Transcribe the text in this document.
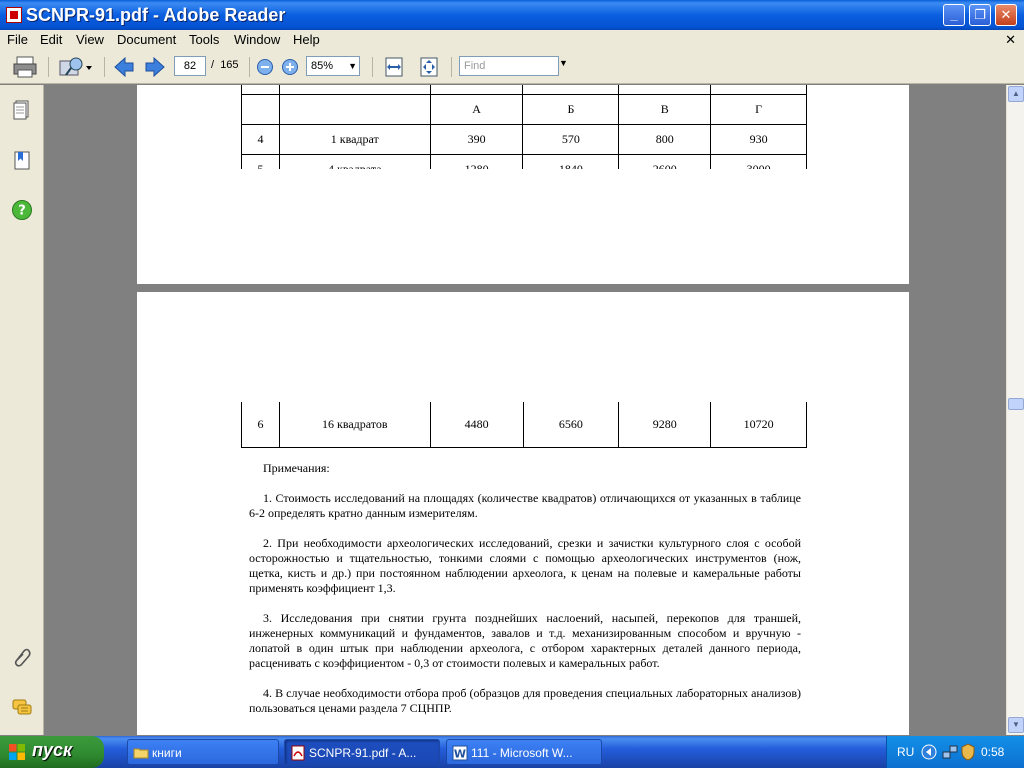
SCNPR-91.pdf - Adobe Reader	_	❐	✕
File Edit View Document Tools Window Help	✕
82	/ 165	85% ▼	Find	▼
?

		А	Б	В	Г
4	1 квадрат	390	570	800	930

6	16 квадратов	4480	6560	9280	10720

Примечания:

1. Стоимость исследований на площадях (количестве квадратов) отличающихся от указанных в таблице 6-2 определять кратно данным измерителям.

2. При необходимости археологических исследований, срезки и зачистки культурного слоя с особой осторожностью и тщательностью, тонкими слоями с помощью археологических инструментов (нож, щетка, кисть и др.) при постоянном наблюдении археолога, к ценам на полевые и камеральные работы применять коэффициент 1,3.

3. Исследования при снятии грунта позднейших наслоений, насыпей, перекопов для траншей, инженерных коммуникаций и фундаментов, завалов и т.д. механизированным способом и вручную - лопатой в один штык при наблюдении археолога, с отбором характерных деталей данного периода, расценивать с коэффициентом - 0,3 от стоимости полевых и камеральных работ.

4. В случае необходимости отбора проб (образцов для проведения специальных лабораторных анализов) пользоваться ценами раздела 7 СЦНПР.

▲
▼
пуск	книги	SCNPR-91.pdf - A...	W 111 - Microsoft W...	RU	0:58
